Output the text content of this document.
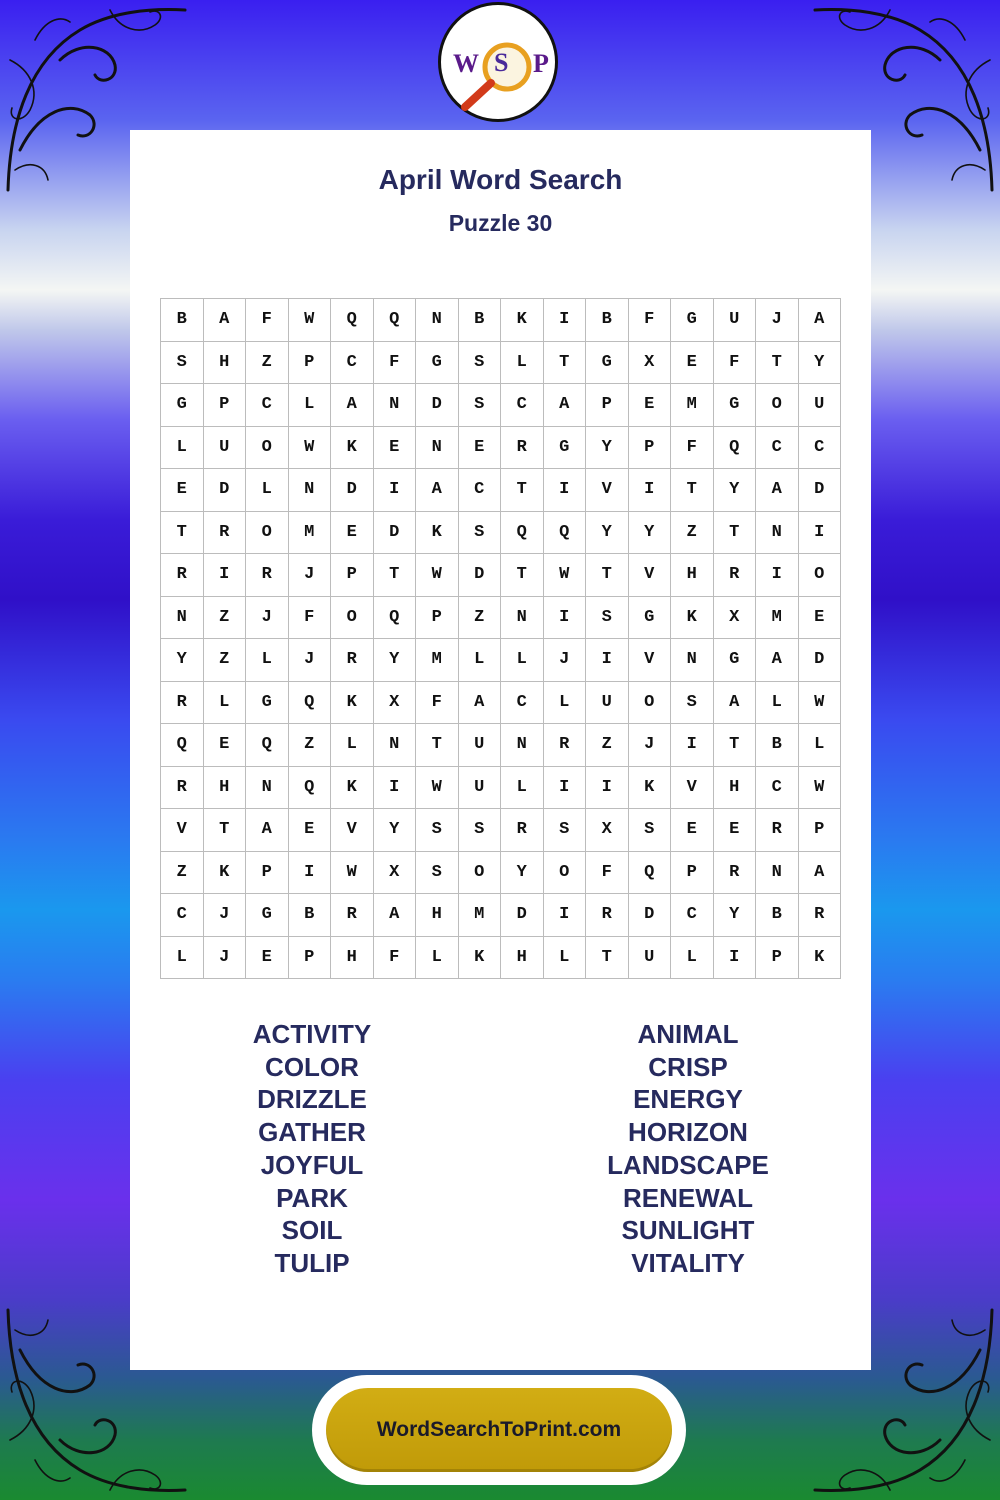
W S P
April Word Search
Puzzle 30
B	A	F	W	Q	Q	N	B	K	I	B	F	G	U	J	A
S	H	Z	P	C	F	G	S	L	T	G	X	E	F	T	Y
G	P	C	L	A	N	D	S	C	A	P	E	M	G	O	U
L	U	O	W	K	E	N	E	R	G	Y	P	F	Q	C	C
E	D	L	N	D	I	A	C	T	I	V	I	T	Y	A	D
T	R	O	M	E	D	K	S	Q	Q	Y	Y	Z	T	N	I
R	I	R	J	P	T	W	D	T	W	T	V	H	R	I	O
N	Z	J	F	O	Q	P	Z	N	I	S	G	K	X	M	E
Y	Z	L	J	R	Y	M	L	L	J	I	V	N	G	A	D
R	L	G	Q	K	X	F	A	C	L	U	O	S	A	L	W
Q	E	Q	Z	L	N	T	U	N	R	Z	J	I	T	B	L
R	H	N	Q	K	I	W	U	L	I	I	K	V	H	C	W
V	T	A	E	V	Y	S	S	R	S	X	S	E	E	R	P
Z	K	P	I	W	X	S	O	Y	O	F	Q	P	R	N	A
C	J	G	B	R	A	H	M	D	I	R	D	C	Y	B	R
L	J	E	P	H	F	L	K	H	L	T	U	L	I	P	K
ACTIVITY
COLOR
DRIZZLE
GATHER
JOYFUL
PARK
SOIL
TULIP
ANIMAL
CRISP
ENERGY
HORIZON
LANDSCAPE
RENEWAL
SUNLIGHT
VITALITY
WordSearchToPrint.com
